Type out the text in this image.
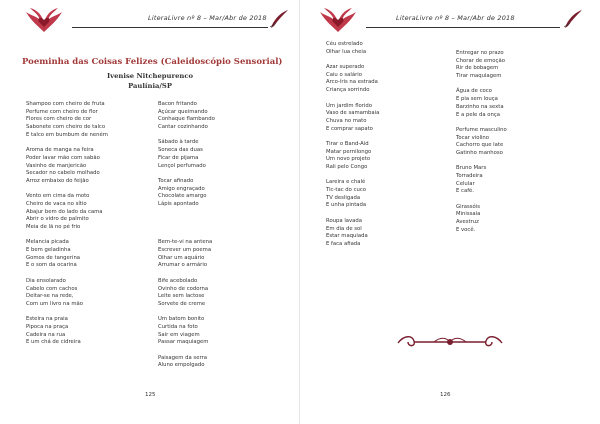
LiteraLivre nº 8 – Mar/Abr de 2018
Poeminha das Coisas Felizes (Caleidoscópio Sensorial)
Ivenise Nitchepurenco
Paulínia/SP
Shampoo com cheiro de fruta
Perfume com cheiro de flor
Flores com cheiro de cor
Sabonete com cheiro de talco
E talco em bumbum de neném
Aroma de manga na feira
Poder lavar mão com sabão
Vasinho de manjericão
Secador no cabelo molhado
Arroz embaixo do feijão
Vento em cima da moto
Cheiro de vaca no sítio
Abajur bem do lado da cama
Abrir o vidro de palmito
Meia de lã no pé frio
Melancia picada
E bem geladinha
Gomos de tangerina
E o som da ocarina
Dia ensolarado
Cabelo com cachos
Deitar-se na rede,
Com um livro na mão
Esteira na praia
Pipoca na praça
Cadeira na rua
E um chá de cidreira
Bacon fritando
Açúcar queimando
Conhaque flambando
Cantar cozinhando
Sábado à tarde
Soneca das duas
Ficar de pijama
Lençol perfumado
Tocar afinado
Amigo engraçado
Chocolate amargo
Lápis apontado
Bem-te-vi na antena
Escrever um poema
Olhar um aquário
Arrumar o armário
Bife acebolado
Ovinho de codorna
Leite sem lactose
Sorvete de creme
Um batom bonito
Curtida na foto
Sair em viagem
Passar maquiagem
Paisagem da serra
Aluno empolgado
125
LiteraLivre nº 8 – Mar/Abr de 2018
Céu estrelado
Olhar lua cheia
Azar superado
Caiu o salário
Arco-íris na estrada
Criança sorrindo
Um jardim florido
Vaso de samambaia
Chuva no mato
E comprar sapato
Tirar o Band-Aid
Matar pernilongo
Um novo projeto
Rali pelo Congo
Lareira e chalé
Tic-tac do cuco
TV desligada
E unha pintada
Roupa lavada
Em dia de sol
Estar maquiada
E faca afiada
Entregar no prazo
Chorar de emoção
Rir de bobagem
Tirar maquiagem
Água de coco
E pia sem louça
Barzinho na sexta
E a pele da onça
Perfume masculino
Tocar violino
Cachorro que late
Gatinho manhoso
Bruno Mars
Torradeira
Celular
E café.
Girassóis
Minissaia
Avestruz
E você.
126
